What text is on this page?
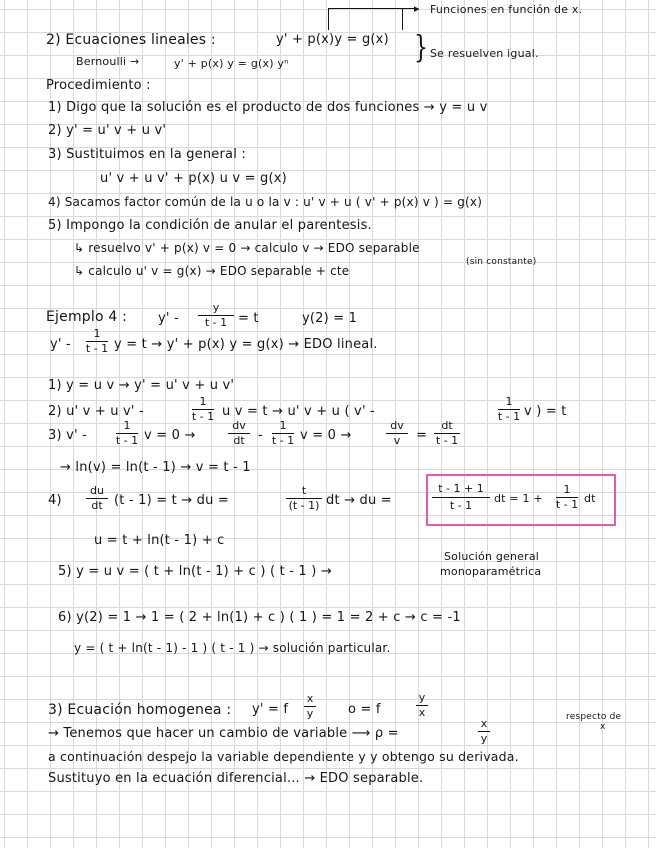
▸ Funciones en función de x.
2) Ecuaciones lineales :	y' + p(x)y = g(x) } Se resuelven igual.
Bernoulli →	y' + p(x) y = g(x) yⁿ
Procedimiento :
1) Digo que la solución es el producto de dos funciones → y = u v
2) y' = u' v + u v'
3) Sustituimos en la general :
u' v + u v' + p(x) u v = g(x)
4) Sacamos factor común de la u o la v : u' v + u ( v' + p(x) v ) = g(x)
5) Impongo la condición de anular el parentesis.
↳ resuelvo v' + p(x) v = 0 → calculo v → EDO separable
(sin constante)
↳ calculo u' v = g(x) → EDO separable + cte
Ejemplo 4 : y' -
y
t - 1 = t	y(2) = 1
y' -
1
t - 1 y = t → y' + p(x) y = g(x) → EDO lineal.
1) y = u v → y' = u' v + u v'
2) u' v + u v' -
1
t - 1 u v = t → u' v + u ( v' -
1
t - 1 v ) = t
3) v' -
1
t - 1 v = 0 →
dv
dt	-
1
t - 1 v = 0 →
dv
v	=
dt
t - 1
→ ln(v) = ln(t - 1) → v = t - 1
4)
du
dt (t - 1) = t → du =
t
(t - 1) dt → du =
t - 1 + 1
t - 1
dt = 1 +
1
t - 1 dt
u = t + ln(t - 1) + c
5) y = u v = ( t + ln(t - 1) + c ) ( t - 1 ) →
Solución general
monoparamétrica
6) y(2) = 1 → 1 = ( 2 + ln(1) + c ) ( 1 ) = 1 = 2 + c → c = -1
y = ( t + ln(t - 1) - 1 ) ( t - 1 ) → solución particular.
3) Ecuación homogenea : y' = f
x
y	o = f
y
x	respecto de
x
→ Tenemos que hacer un cambio de variable ⟶ ρ =
x
y
a continuación despejo la variable dependiente y y obtengo su derivada.
Sustituyo en la ecuación diferencial... → EDO separable.
